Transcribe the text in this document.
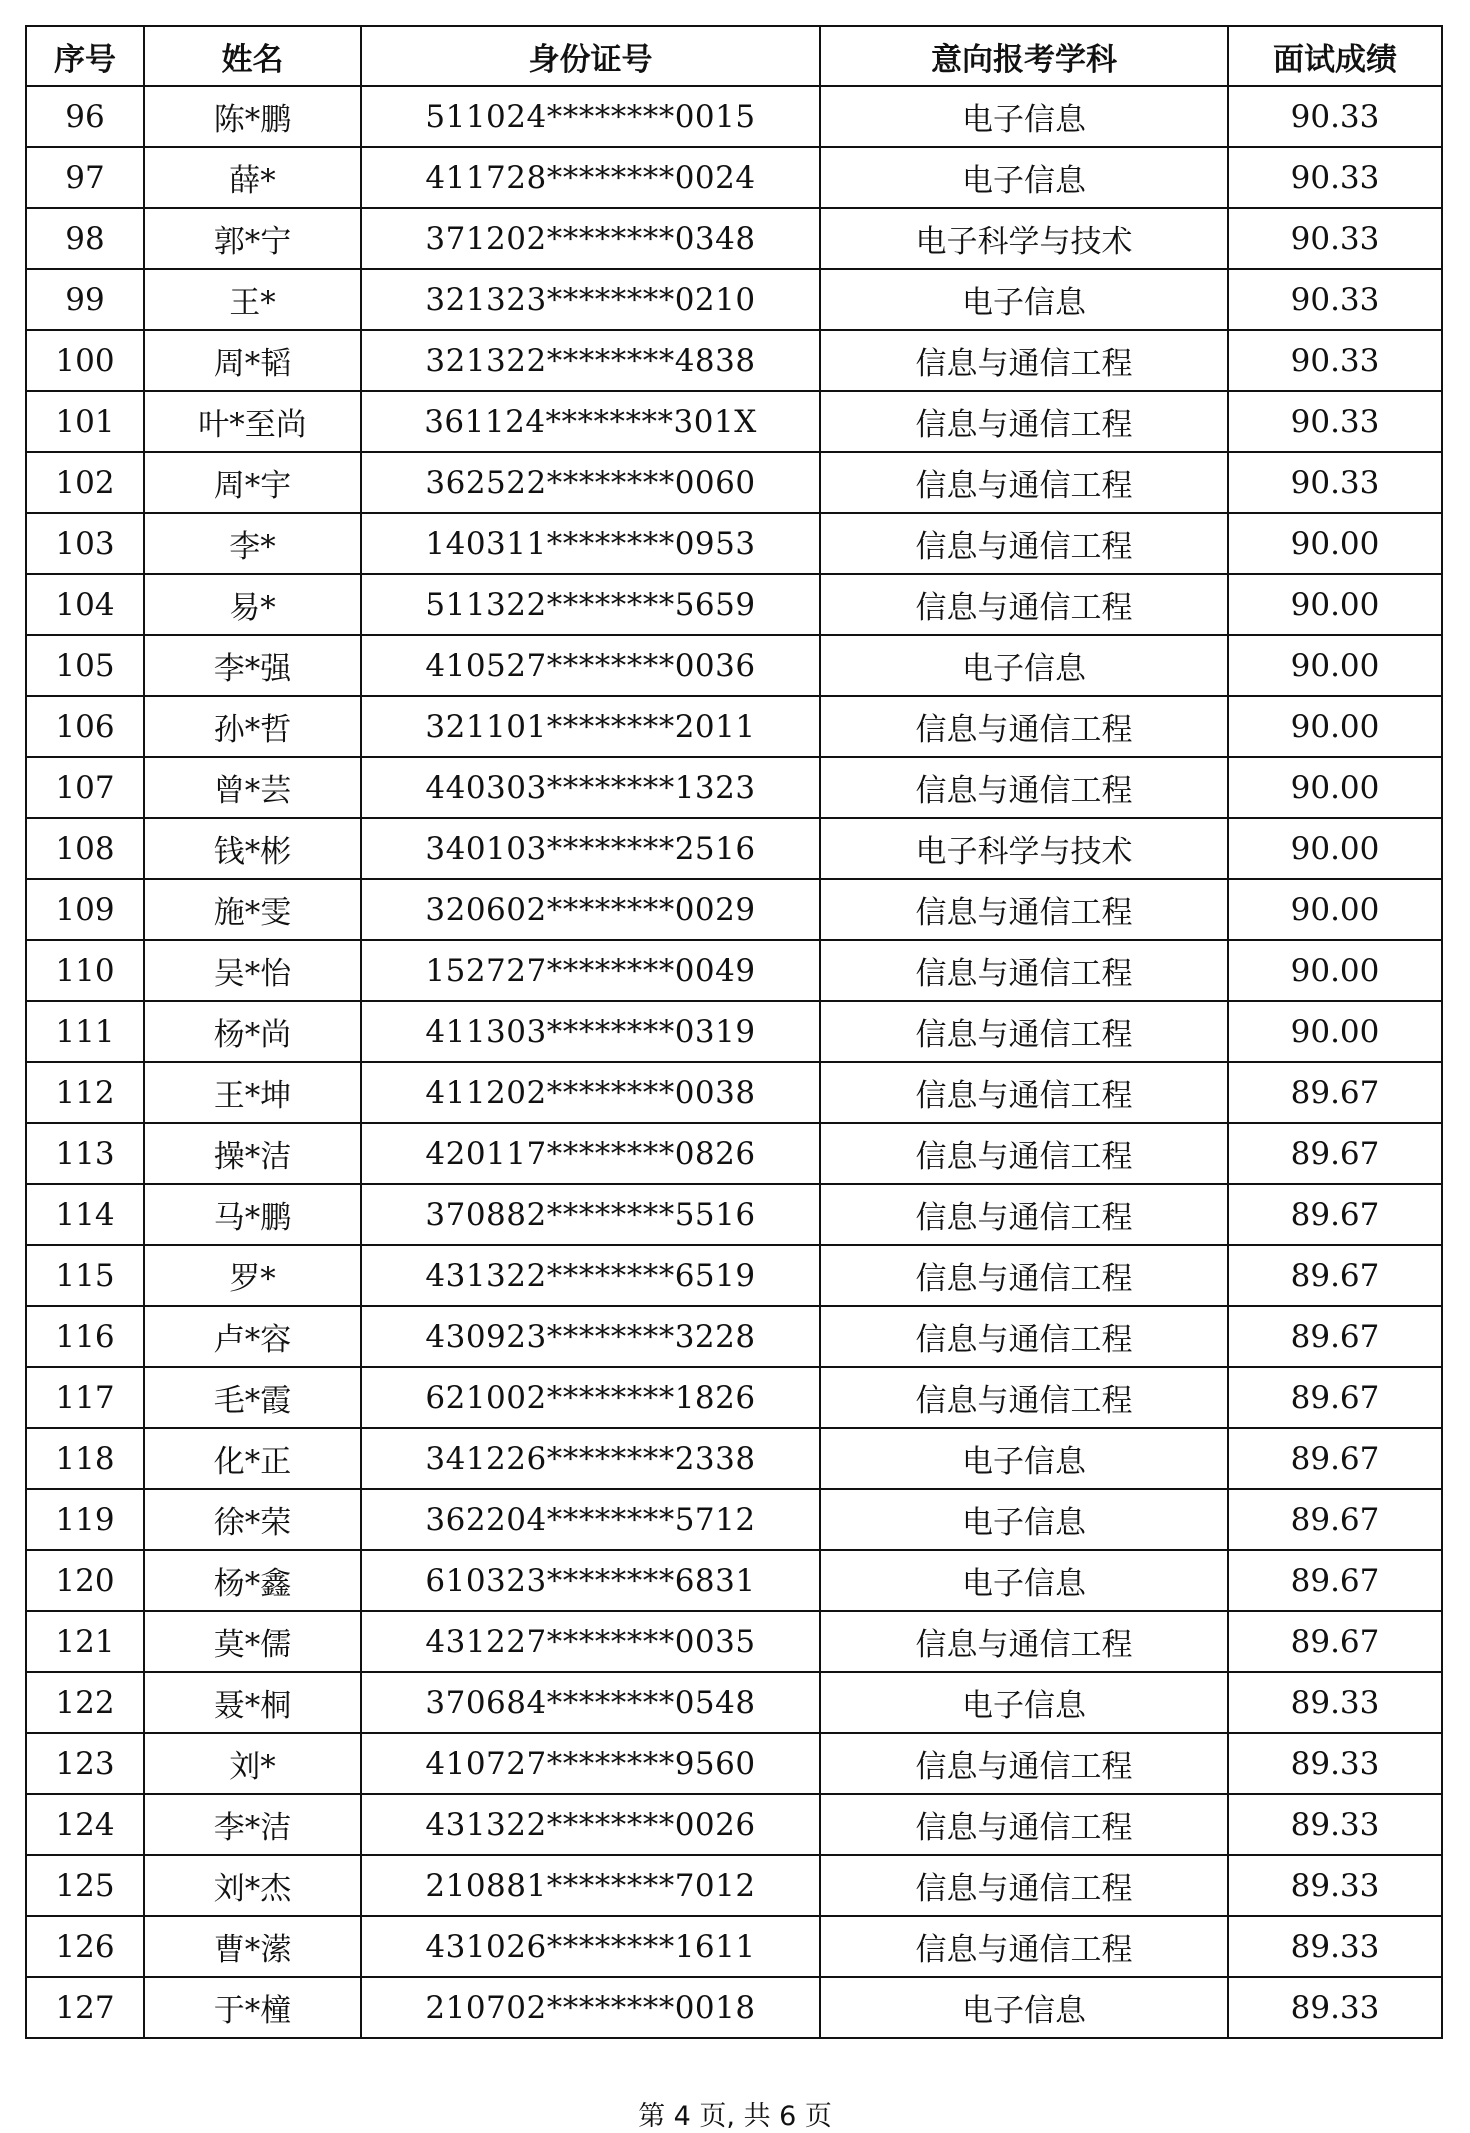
序号	姓名	身份证号	意向报考学科	面试成绩
96	陈*鹏	511024********0015	电子信息	90.33
97	薛*	411728********0024	电子信息	90.33
98	郭*宁	371202********0348	电子科学与技术	90.33
99	王*	321323********0210	电子信息	90.33
100	周*韬	321322********4838	信息与通信工程	90.33
101	叶*至尚	361124********301X	信息与通信工程	90.33
102	周*宇	362522********0060	信息与通信工程	90.33
103	李*	140311********0953	信息与通信工程	90.00
104	易*	511322********5659	信息与通信工程	90.00
105	李*强	410527********0036	电子信息	90.00
106	孙*哲	321101********2011	信息与通信工程	90.00
107	曾*芸	440303********1323	信息与通信工程	90.00
108	钱*彬	340103********2516	电子科学与技术	90.00
109	施*雯	320602********0029	信息与通信工程	90.00
110	吴*怡	152727********0049	信息与通信工程	90.00
111	杨*尚	411303********0319	信息与通信工程	90.00
112	王*坤	411202********0038	信息与通信工程	89.67
113	操*洁	420117********0826	信息与通信工程	89.67
114	马*鹏	370882********5516	信息与通信工程	89.67
115	罗*	431322********6519	信息与通信工程	89.67
116	卢*容	430923********3228	信息与通信工程	89.67
117	毛*霞	621002********1826	信息与通信工程	89.67
118	化*正	341226********2338	电子信息	89.67
119	徐*荣	362204********5712	电子信息	89.67
120	杨*鑫	610323********6831	电子信息	89.67
121	莫*儒	431227********0035	信息与通信工程	89.67
122	聂*桐	370684********0548	电子信息	89.33
123	刘*	410727********9560	信息与通信工程	89.33
124	李*洁	431322********0026	信息与通信工程	89.33
125	刘*杰	210881********7012	信息与通信工程	89.33
126	曹*潆	431026********1611	信息与通信工程	89.33
127	于*橦	210702********0018	电子信息	89.33
第 4 页, 共 6 页
